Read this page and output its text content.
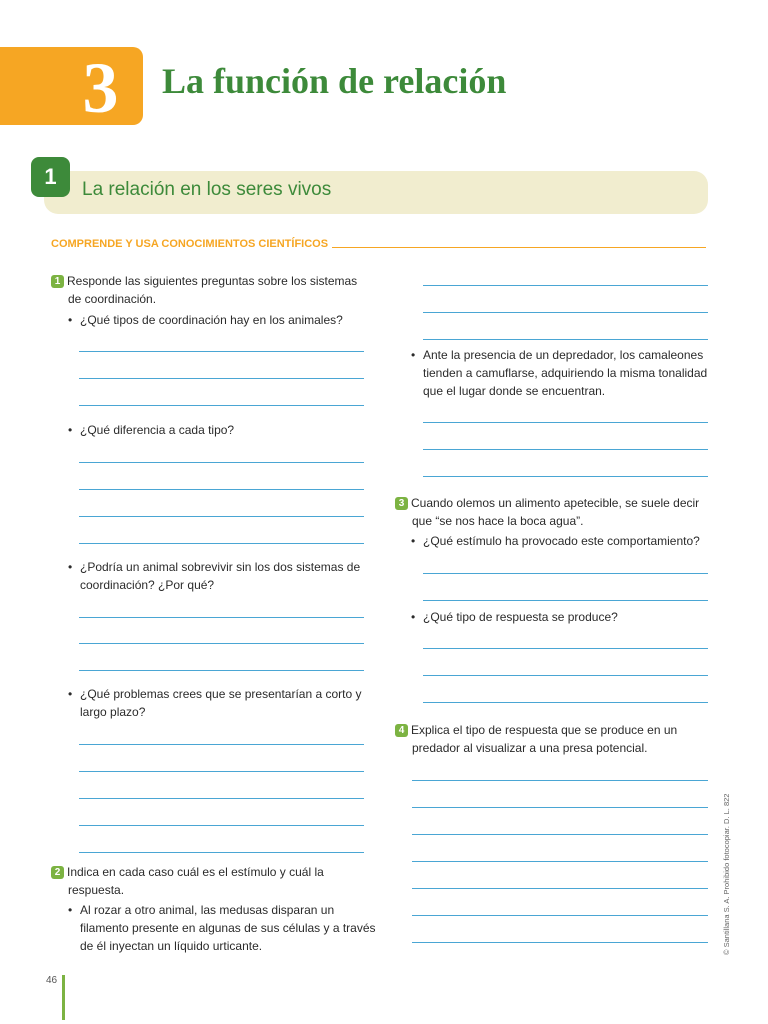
3	La función de relación
1
La relación en los seres vivos
COMPRENDE Y USA CONOCIMIENTOS CIENTÍFICOS
1 Responde las siguientes preguntas sobre los sistemas
de coordinación.
• ¿Qué tipos de coordinación hay en los animales?
• ¿Qué diferencia a cada tipo?
• ¿Podría un animal sobrevivir sin los dos sistemas de
coordinación? ¿Por qué?
• ¿Qué problemas crees que se presentarían a corto y
largo plazo?
2 Indica en cada caso cuál es el estímulo y cuál la
respuesta.
• Al rozar a otro animal, las medusas disparan un
filamento presente en algunas de sus células y a través
de él inyectan un líquido urticante.
• Ante la presencia de un depredador, los camaleones
tienden a camuflarse, adquiriendo la misma tonalidad
que el lugar donde se encuentran.
3 Cuando olemos un alimento apetecible, se suele decir
que “se nos hace la boca agua”.
• ¿Qué estímulo ha provocado este comportamiento?
• ¿Qué tipo de respuesta se produce?
4 Explica el tipo de respuesta que se produce en un
predador al visualizar a una presa potencial.
46
© Santillana S. A. Prohibido fotocopiar. D. L. 822
